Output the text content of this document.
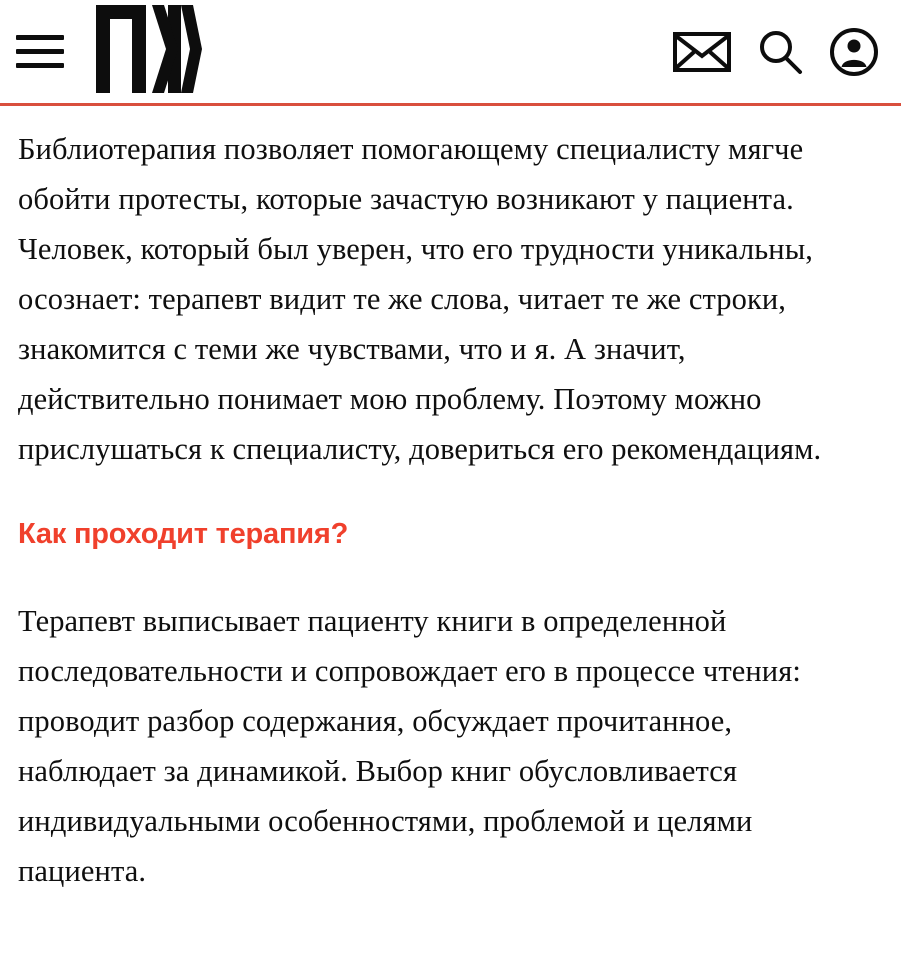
Библиотерапия позволяет помогающему специалисту мягче обойти протесты, которые зачастую возникают у пациента. Человек, который был уверен, что его трудности уникальны, осознает: терапевт видит те же слова, читает те же строки, знакомится с теми же чувствами, что и я. А значит, действительно понимает мою проблему. Поэтому можно прислушаться к специалисту, довериться его рекомендациям.

Как проходит терапия?

Терапевт выписывает пациенту книги в определенной последовательности и сопровождает его в процессе чтения: проводит разбор содержания, обсуждает прочитанное, наблюдает за динамикой. Выбор книг обусловливается индивидуальными особенностями, проблемой и целями пациента.
